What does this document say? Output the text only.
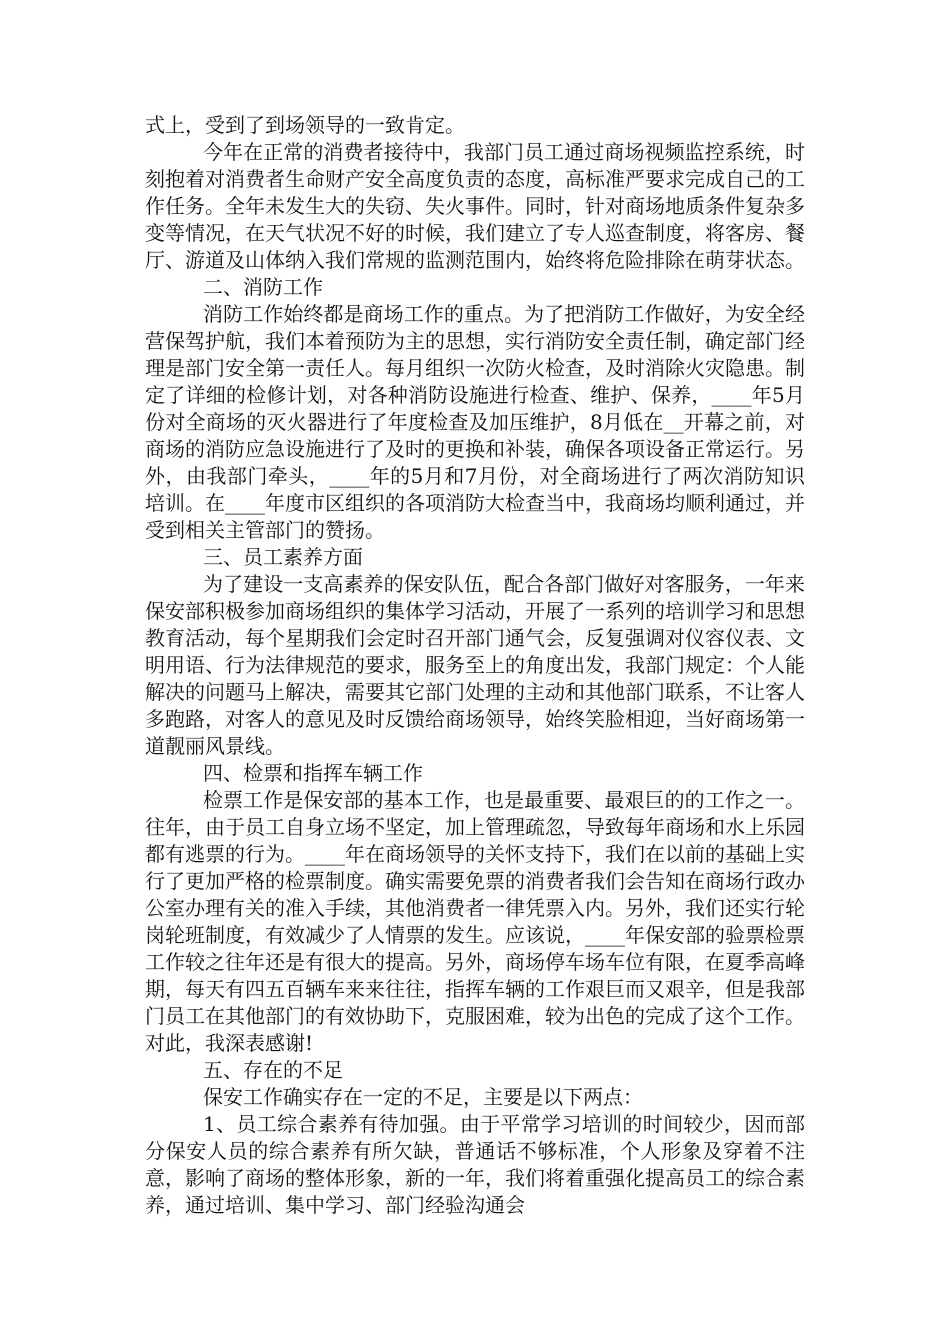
式上，受到了到场领导的一致肯定。

今年在正常的消费者接待中，我部门员工通过商场视频监控系统，时刻抱着对消费者生命财产安全高度负责的态度，高标准严要求完成自己的工作任务。全年未发生大的失窃、失火事件。同时，针对商场地质条件复杂多变等情况，在天气状况不好的时候，我们建立了专人巡查制度，将客房、餐厅、游道及山体纳入我们常规的监测范围内，始终将危险排除在萌芽状态。

二、消防工作

消防工作始终都是商场工作的重点。为了把消防工作做好，为安全经营保驾护航，我们本着预防为主的思想，实行消防安全责任制，确定部门经理是部门安全第一责任人。每月组织一次防火检查，及时消除火灾隐患。制定了详细的检修计划，对各种消防设施进行检查、维护、保养，____年5月份对全商场的灭火器进行了年度检查及加压维护，8月低在__开幕之前，对商场的消防应急设施进行了及时的更换和补装，确保各项设备正常运行。另外，由我部门牵头，____年的5月和7月份，对全商场进行了两次消防知识培训。在____年度市区组织的各项消防大检查当中，我商场均顺利通过，并受到相关主管部门的赞扬。

三、员工素养方面

为了建设一支高素养的保安队伍，配合各部门做好对客服务，一年来保安部积极参加商场组织的集体学习活动，开展了一系列的培训学习和思想教育活动，每个星期我们会定时召开部门通气会，反复强调对仪容仪表、文明用语、行为法律规范的要求，服务至上的角度出发，我部门规定：个人能解决的问题马上解决，需要其它部门处理的主动和其他部门联系，不让客人多跑路，对客人的意见及时反馈给商场领导，始终笑脸相迎，当好商场第一道靓丽风景线。

四、检票和指挥车辆工作

检票工作是保安部的基本工作，也是最重要、最艰巨的的工作之一。往年，由于员工自身立场不坚定，加上管理疏忽，导致每年商场和水上乐园都有逃票的行为。____年在商场领导的关怀支持下，我们在以前的基础上实行了更加严格的检票制度。确实需要免票的消费者我们会告知在商场行政办公室办理有关的准入手续，其他消费者一律凭票入内。另外，我们还实行轮岗轮班制度，有效减少了人情票的发生。应该说，____年保安部的验票检票工作较之往年还是有很大的提高。另外，商场停车场车位有限，在夏季高峰期，每天有四五百辆车来来往往，指挥车辆的工作艰巨而又艰辛，但是我部门员工在其他部门的有效协助下，克服困难，较为出色的完成了这个工作。对此，我深表感谢!

五、存在的不足

保安工作确实存在一定的不足，主要是以下两点：

1、员工综合素养有待加强。由于平常学习培训的时间较少，因而部分保安人员的综合素养有所欠缺，普通话不够标准，个人形象及穿着不注意，影响了商场的整体形象，新的一年，我们将着重强化提高员工的综合素养，通过培训、集中学习、部门经验沟通会
